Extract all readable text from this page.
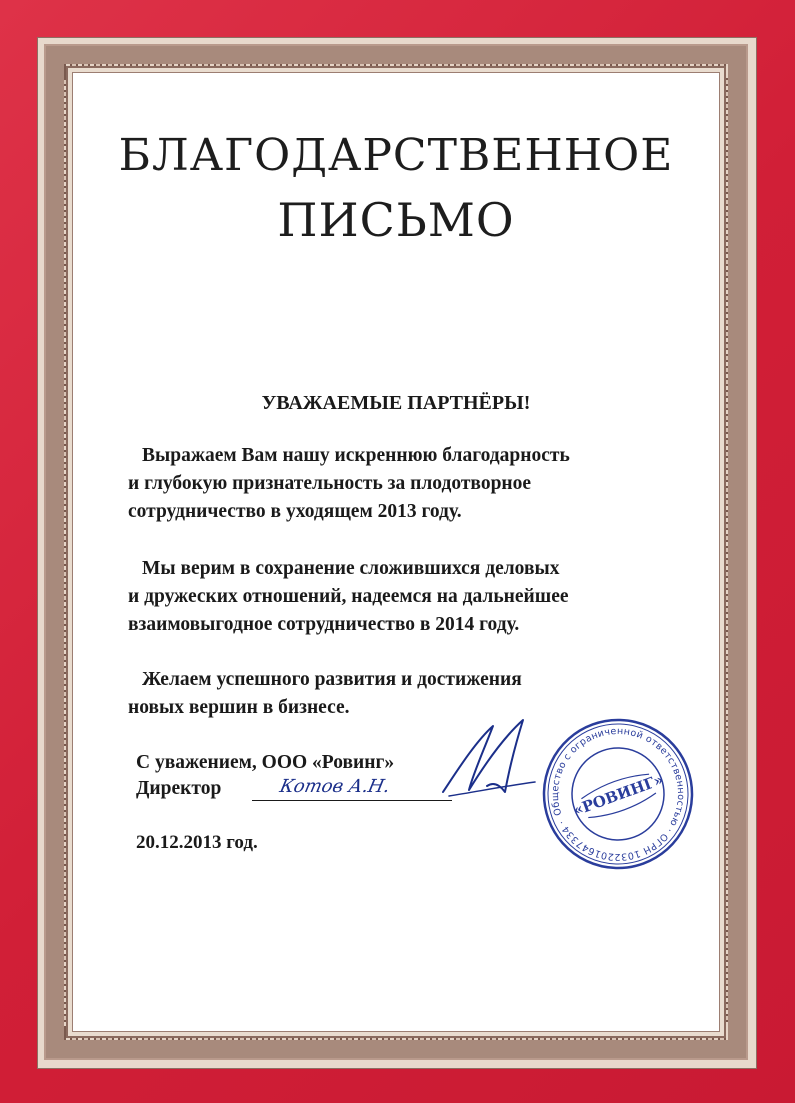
БЛАГОДАРСТВЕННОЕ
ПИСЬМО
УВАЖАЕМЫЕ ПАРТНЁРЫ!
Выражаем Вам нашу искреннюю благодарность
и глубокую признательность за плодотворное
сотрудничество в уходящем 2013 году.
Мы верим в сохранение сложившихся деловых
и дружеских отношений, надеемся на дальнейшее
взаимовыгодное сотрудничество в 2014 году.
Желаем успешного развития и достижения
новых вершин в бизнесе.
С уважением, ООО «Ровинг»
Директор	Котов А.Н.
Общество с ограниченной ответственностью · ОГРН 1032201647334 ·
«РОВИНГ»
20.12.2013 год.
